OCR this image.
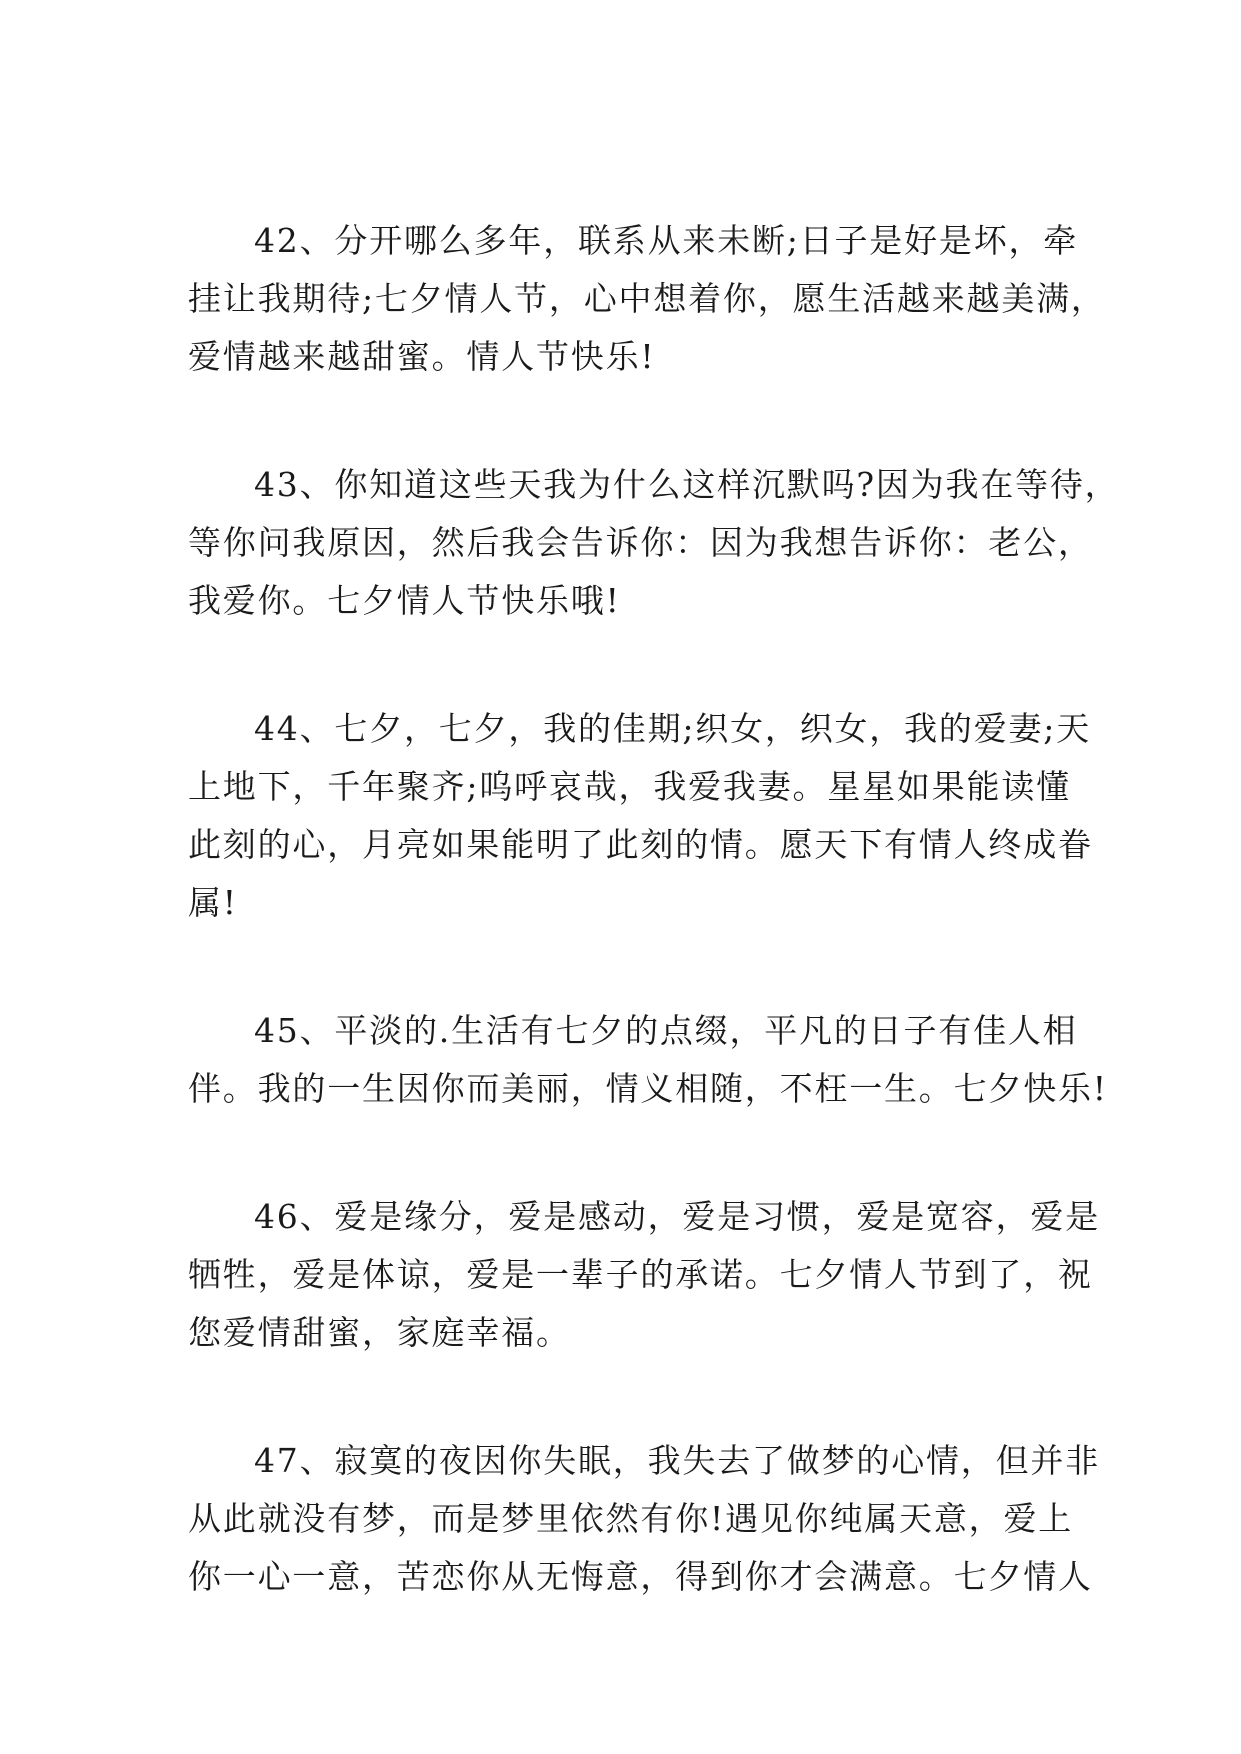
42、分开哪么多年，联系从来未断;日子是好是坏，牵
挂让我期待;七夕情人节，心中想着你，愿生活越来越美满，
爱情越来越甜蜜。情人节快乐!
43、你知道这些天我为什么这样沉默吗?因为我在等待，
等你问我原因，然后我会告诉你：因为我想告诉你：老公，
我爱你。七夕情人节快乐哦!
44、七夕，七夕，我的佳期;织女，织女，我的爱妻;天
上地下，千年聚齐;呜呼哀哉，我爱我妻。星星如果能读懂
此刻的心，月亮如果能明了此刻的情。愿天下有情人终成眷
属!
45、平淡的.生活有七夕的点缀，平凡的日子有佳人相
伴。我的一生因你而美丽，情义相随，不枉一生。七夕快乐!
46、爱是缘分，爱是感动，爱是习惯，爱是宽容，爱是
牺牲，爱是体谅，爱是一辈子的承诺。七夕情人节到了，祝
您爱情甜蜜，家庭幸福。
47、寂寞的夜因你失眠，我失去了做梦的心情，但并非
从此就没有梦，而是梦里依然有你!遇见你纯属天意，爱上
你一心一意，苦恋你从无悔意，得到你才会满意。七夕情人
